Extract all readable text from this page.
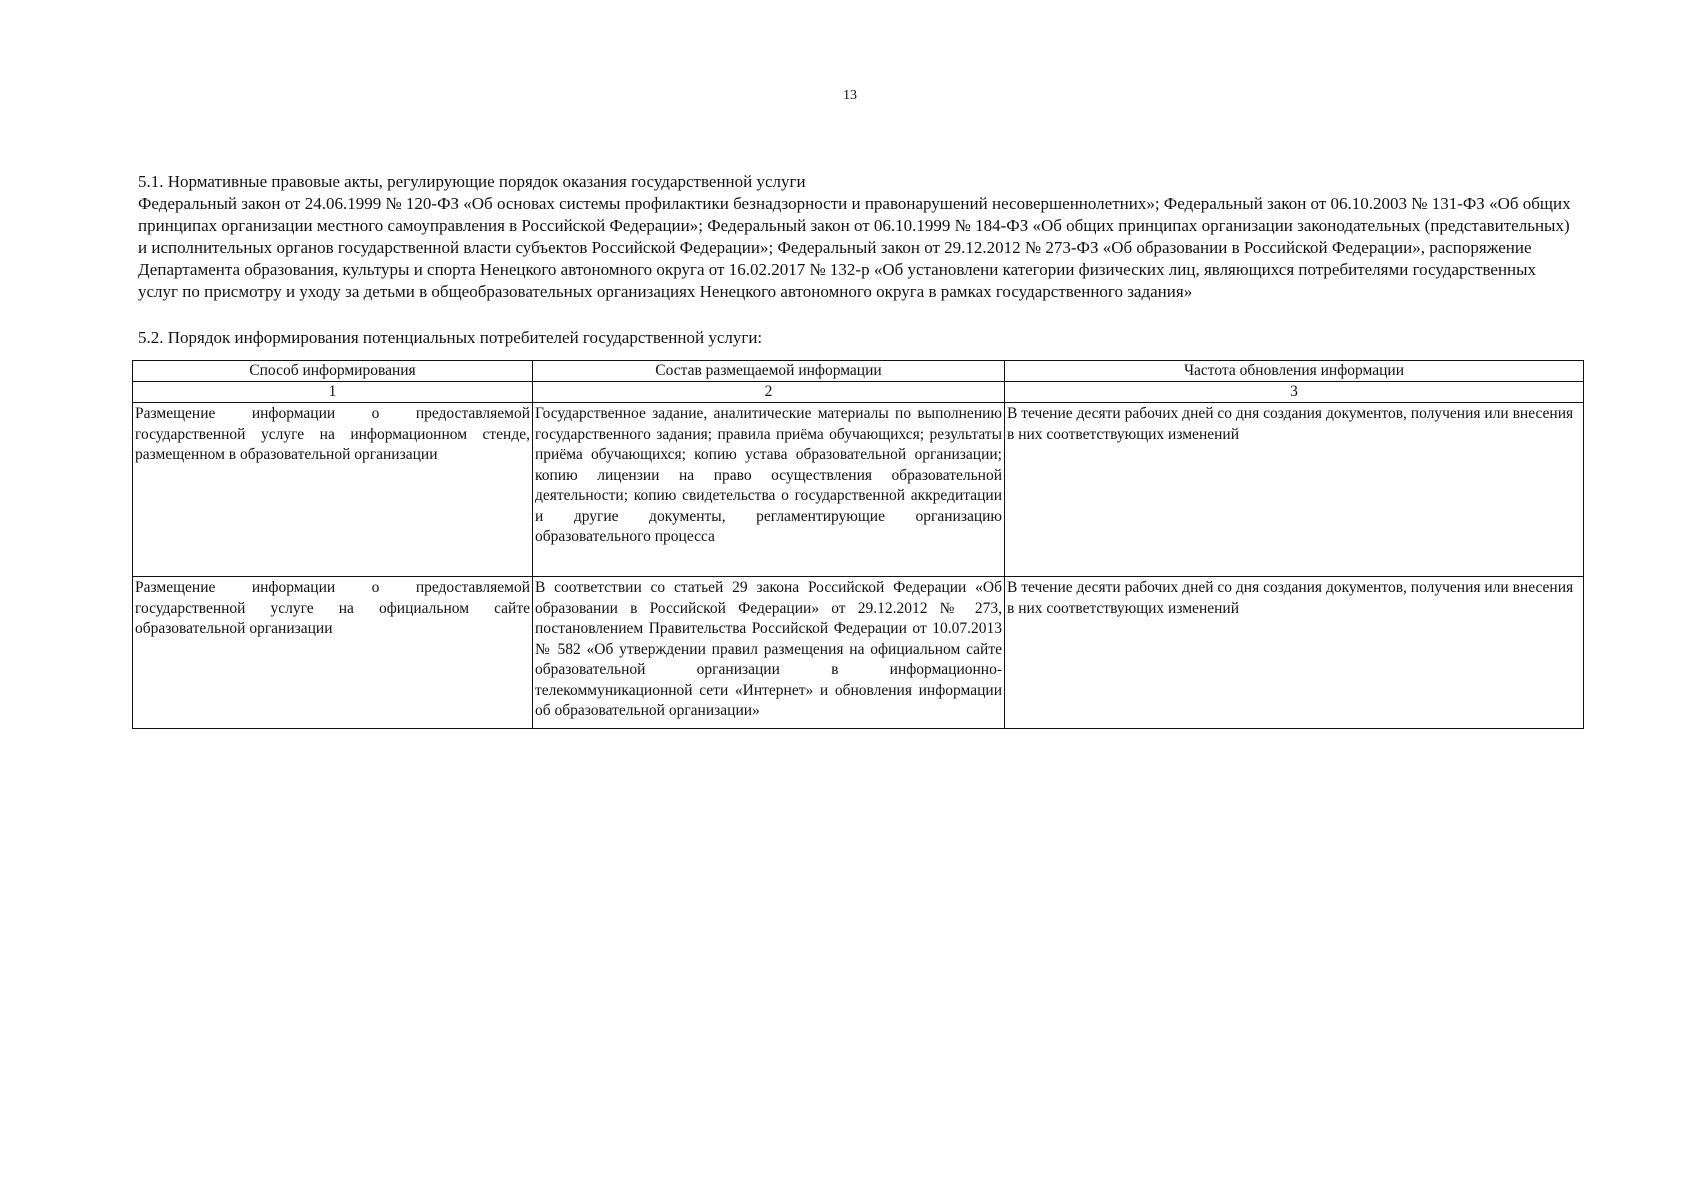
13

5.1. Нормативные правовые акты, регулирующие порядок оказания государственной услуги

Федеральный закон от 24.06.1999 № 120-ФЗ «Об основах системы профилактики безнадзорности и правонарушений несовершеннолетних»; Федеральный закон от 06.10.2003 № 131-ФЗ «Об общих принципах организации местного самоуправления в Российской Федерации»; Федеральный закон от 06.10.1999 № 184-ФЗ «Об общих принципах организации законодательных (представительных) и исполнительных органов государственной власти субъектов Российской Федерации»; Федеральный закон от 29.12.2012 № 273-ФЗ «Об образовании в Российской Федерации», распоряжение Департамента образования, культуры и спорта Ненецкого автономного округа от 16.02.2017 № 132-р «Об установлени категории физических лиц, являющихся потребителями государственных услуг по присмотру и уходу за детьми в общеобразовательных организациях Ненецкого автономного округа в рамках государственного задания»

5.2. Порядок информирования потенциальных потребителей государственной услуги:

Способ информирования	Состав размещаемой информации	Частота обновления информации
1	2	3
Размещение информации о предоставляемой государственной услуге на информационном стенде, размещенном в образовательной организации	Государственное задание, аналитические материалы по выполнению государственного задания; правила приёма обучающихся; результаты приёма обучающихся; копию устава образовательной организации; копию лицензии на право осуществления образовательной деятельности; копию свидетельства о государственной аккредитации и другие документы, регламентирующие организацию образовательного процесса	В течение десяти рабочих дней со дня создания документов, получения или внесения в них соответствующих изменений
Размещение информации о предоставляемой государственной услуге на официальном сайте образовательной организации	В соответствии со статьей 29 закона Российской Федерации «Об образовании в Российской Федерации» от 29.12.2012 № 273, постановлением Правительства Российской Федерации от 10.07.2013 № 582 «Об утверждении правил размещения на официальном сайте образовательной организации в информационно-телекоммуникационной сети «Интернет» и обновления информации об образовательной организации»	В течение десяти рабочих дней со дня создания документов, получения или внесения в них соответствующих изменений
